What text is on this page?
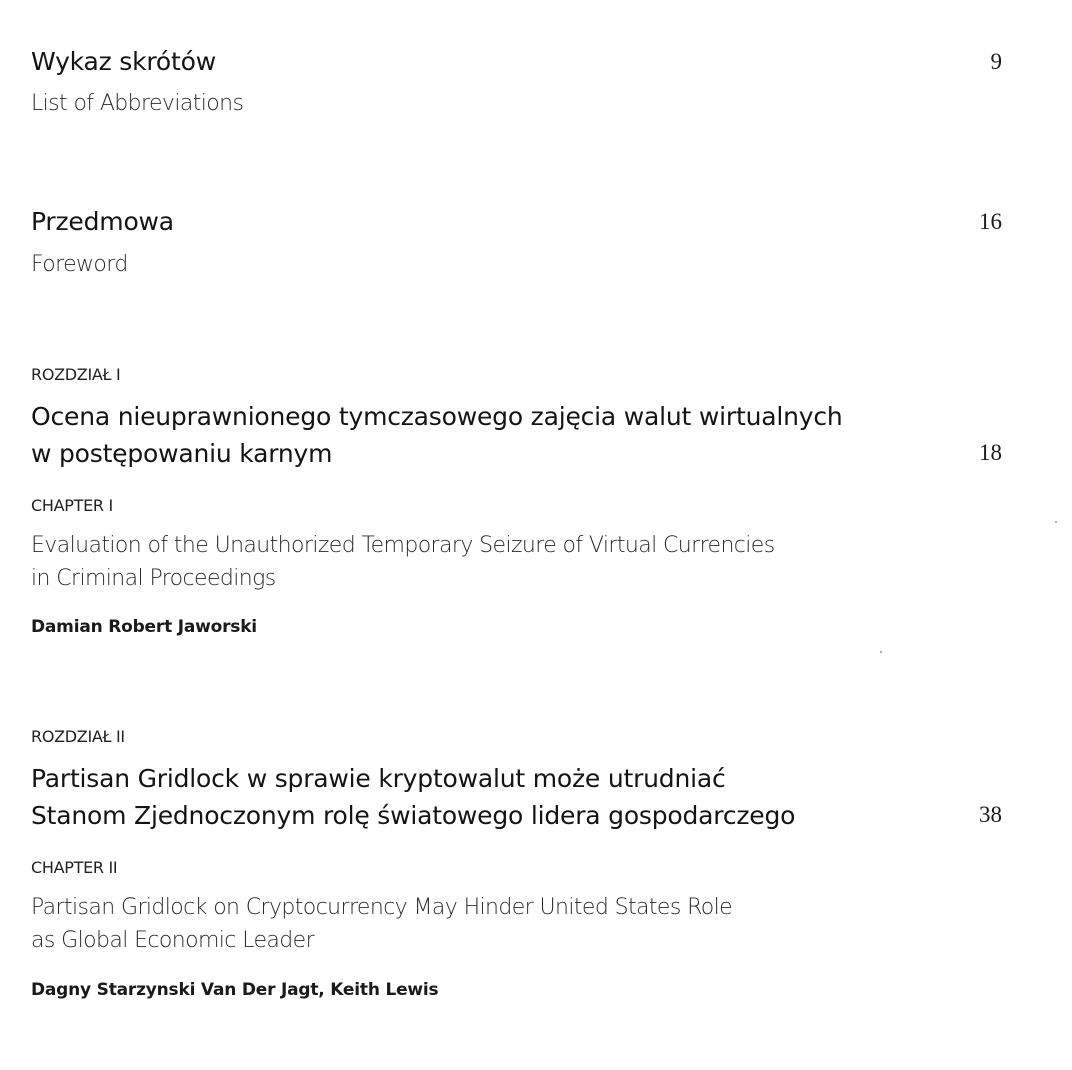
Wykaz skrótów	9
List of Abbreviations
Przedmowa	16
Foreword
ROZDZIAŁ I
Ocena nieuprawnionego tymczasowego zajęcia walut wirtualnych
w postępowaniu karnym	18
CHAPTER I
Evaluation of the Unauthorized Temporary Seizure of Virtual Currencies
in Criminal Proceedings
Damian Robert Jaworski
ROZDZIAŁ II
Partisan Gridlock w sprawie kryptowalut może utrudniać
Stanom Zjednoczonym rolę światowego lidera gospodarczego	38
CHAPTER II
Partisan Gridlock on Cryptocurrency May Hinder United States Role
as Global Economic Leader
Dagny Starzynski Van Der Jagt, Keith Lewis
